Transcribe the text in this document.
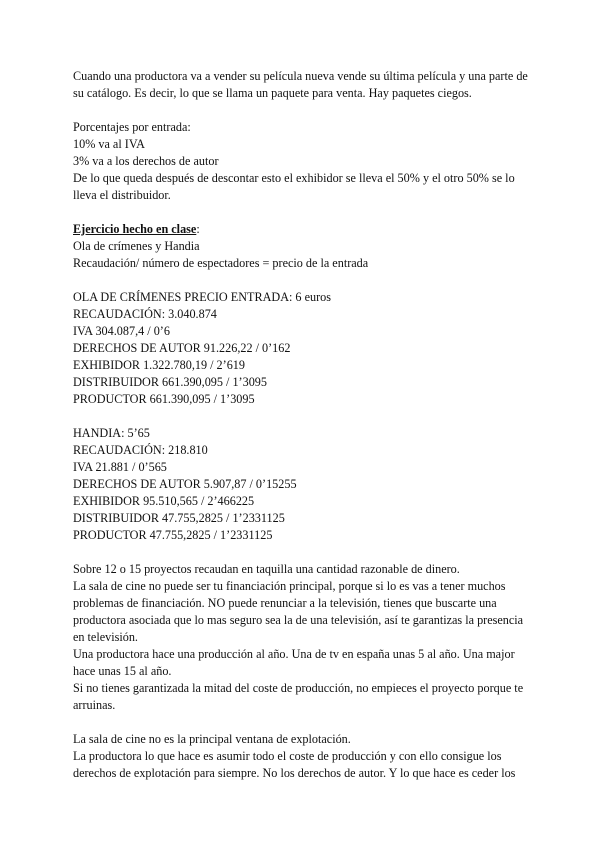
Cuando una productora va a vender su película nueva vende su última película y una parte de su catálogo. Es decir, lo que se llama un paquete para venta. Hay paquetes ciegos.

Porcentajes por entrada:

10% va al IVA

3% va a los derechos de autor

De lo que queda después de descontar esto el exhibidor se lleva el 50% y el otro 50% se lo lleva el distribuidor.

Ejercicio hecho en clase:

Ola de crímenes y Handia

Recaudación/ número de espectadores = precio de la entrada

OLA DE CRÍMENES PRECIO ENTRADA: 6 euros

RECAUDACIÓN: 3.040.874

IVA 304.087,4 / 0’6

DERECHOS DE AUTOR 91.226,22 / 0’162

EXHIBIDOR 1.322.780,19 / 2’619

DISTRIBUIDOR 661.390,095 / 1’3095

PRODUCTOR 661.390,095 / 1’3095

HANDIA: 5’65

RECAUDACIÓN: 218.810

IVA 21.881 / 0’565

DERECHOS DE AUTOR 5.907,87 / 0’15255

EXHIBIDOR 95.510,565 / 2’466225

DISTRIBUIDOR 47.755,2825 / 1’2331125

PRODUCTOR 47.755,2825 / 1’2331125

Sobre 12 o 15 proyectos recaudan en taquilla una cantidad razonable de dinero.

La sala de cine no puede ser tu financiación principal, porque si lo es vas a tener muchos problemas de financiación. NO puede renunciar a la televisión, tienes que buscarte una productora asociada que lo mas seguro sea la de una televisión, así te garantizas la presencia en televisión.

Una productora hace una producción al año. Una de tv en españa unas 5 al año. Una major hace unas 15 al año.

Si no tienes garantizada la mitad del coste de producción, no empieces el proyecto porque te arruinas.

La sala de cine no es la principal ventana de explotación.

La productora lo que hace es asumir todo el coste de producción y con ello consigue los derechos de explotación para siempre. No los derechos de autor. Y lo que hace es ceder los
